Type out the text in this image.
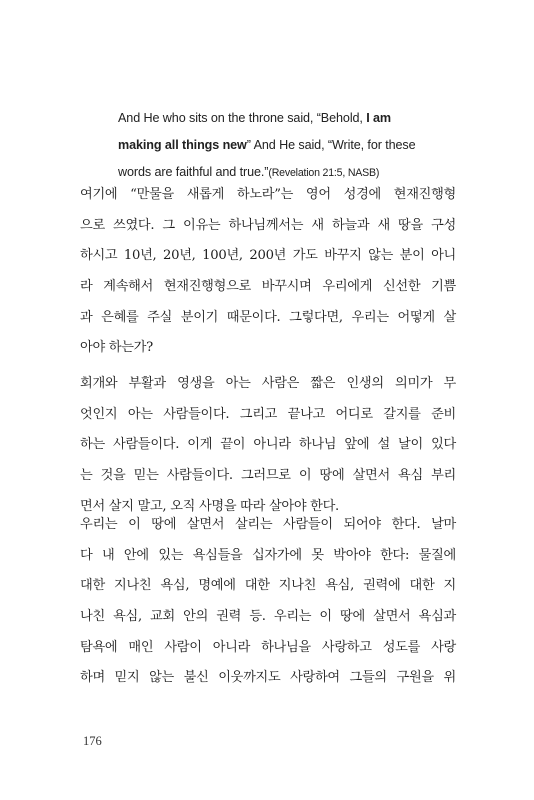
And He who sits on the throne said, “Behold, I am
making all things new” And He said, “Write, for these
words are faithful and true.”(Revelation 21:5, NASB)
여기에 “만물을 새롭게 하노라”는 영어 성경에 현재진행형
으로 쓰였다. 그 이유는 하나님께서는 새 하늘과 새 땅을 구성
하시고 10년, 20년, 100년, 200년 가도 바꾸지 않는 분이 아니
라 계속해서 현재진행형으로 바꾸시며 우리에게 신선한 기쁨
과 은혜를 주실 분이기 때문이다. 그렇다면, 우리는 어떻게 살
아야 하는가?
회개와 부활과 영생을 아는 사람은 짧은 인생의 의미가 무
엇인지 아는 사람들이다. 그리고 끝나고 어디로 갈지를 준비
하는 사람들이다. 이게 끝이 아니라 하나님 앞에 설 날이 있다
는 것을 믿는 사람들이다. 그러므로 이 땅에 살면서 욕심 부리
면서 살지 말고, 오직 사명을 따라 살아야 한다.
우리는 이 땅에 살면서 살리는 사람들이 되어야 한다. 날마
다 내 안에 있는 욕심들을 십자가에 못 박아야 한다: 물질에
대한 지나친 욕심, 명예에 대한 지나친 욕심, 권력에 대한 지
나친 욕심, 교회 안의 권력 등. 우리는 이 땅에 살면서 욕심과
탐욕에 매인 사람이 아니라 하나님을 사랑하고 성도를 사랑
하며 믿지 않는 불신 이웃까지도 사랑하여 그들의 구원을 위
176
